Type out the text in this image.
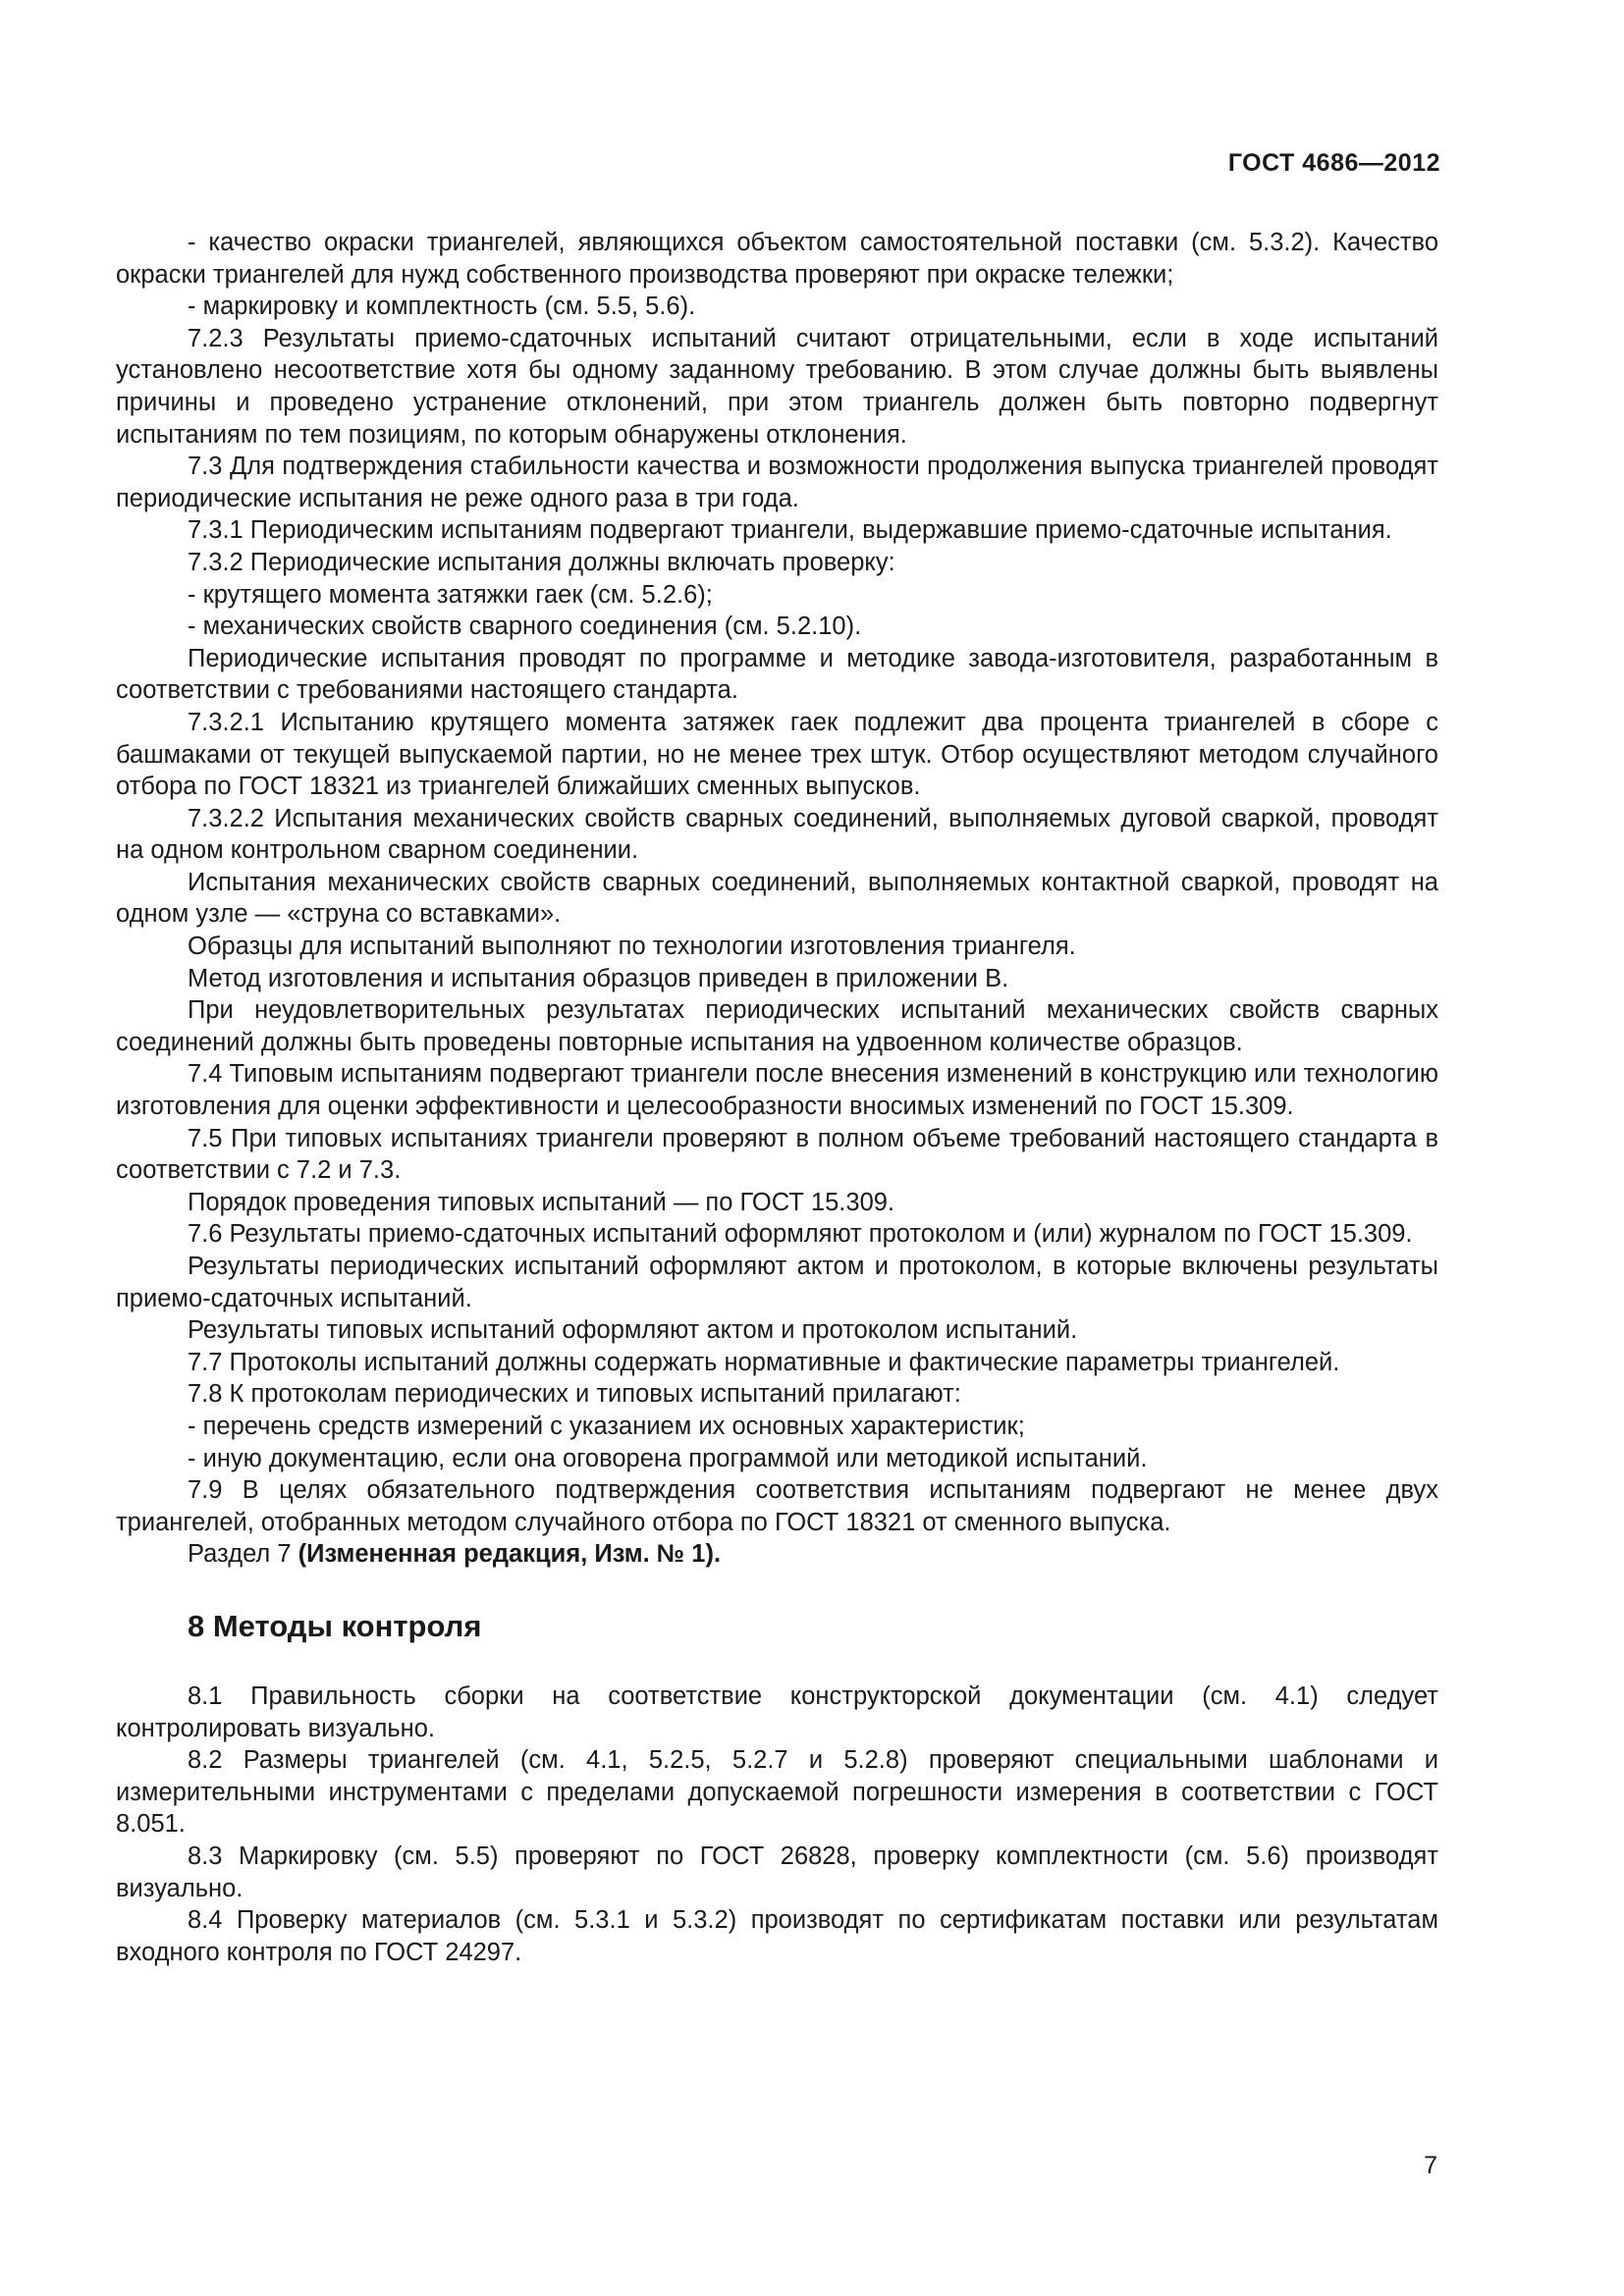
ГОСТ 4686—2012

- качество окраски триангелей, являющихся объектом самостоятельной поставки (см. 5.3.2). Качество окраски триангелей для нужд собственного производства проверяют при окраске тележки;

- маркировку и комплектность (см. 5.5, 5.6).

7.2.3 Результаты приемо-сдаточных испытаний считают отрицательными, если в ходе испытаний установлено несоответствие хотя бы одному заданному требованию. В этом случае должны быть выявлены причины и проведено устранение отклонений, при этом триангель должен быть повторно подвергнут испытаниям по тем позициям, по которым обнаружены отклонения.

7.3 Для подтверждения стабильности качества и возможности продолжения выпуска триангелей проводят периодические испытания не реже одного раза в три года.

7.3.1 Периодическим испытаниям подвергают триангели, выдержавшие приемо-сдаточные испытания.

7.3.2 Периодические испытания должны включать проверку:

- крутящего момента затяжки гаек (см. 5.2.6);

- механических свойств сварного соединения (см. 5.2.10).

Периодические испытания проводят по программе и методике завода-изготовителя, разработанным в соответствии с требованиями настоящего стандарта.

7.3.2.1 Испытанию крутящего момента затяжек гаек подлежит два процента триангелей в сборе с башмаками от текущей выпускаемой партии, но не менее трех штук. Отбор осуществляют методом случайного отбора по ГОСТ 18321 из триангелей ближайших сменных выпусков.

7.3.2.2 Испытания механических свойств сварных соединений, выполняемых дуговой сваркой, проводят на одном контрольном сварном соединении.

Испытания механических свойств сварных соединений, выполняемых контактной сваркой, проводят на одном узле — «струна со вставками».

Образцы для испытаний выполняют по технологии изготовления триангеля.

Метод изготовления и испытания образцов приведен в приложении В.

При неудовлетворительных результатах периодических испытаний механических свойств сварных соединений должны быть проведены повторные испытания на удвоенном количестве образцов.

7.4 Типовым испытаниям подвергают триангели после внесения изменений в конструкцию или технологию изготовления для оценки эффективности и целесообразности вносимых изменений по ГОСТ 15.309.

7.5 При типовых испытаниях триангели проверяют в полном объеме требований настоящего стандарта в соответствии с 7.2 и 7.3.

Порядок проведения типовых испытаний — по ГОСТ 15.309.

7.6 Результаты приемо-сдаточных испытаний оформляют протоколом и (или) журналом по ГОСТ 15.309.

Результаты периодических испытаний оформляют актом и протоколом, в которые включены результаты приемо-сдаточных испытаний.

Результаты типовых испытаний оформляют актом и протоколом испытаний.

7.7 Протоколы испытаний должны содержать нормативные и фактические параметры триангелей.

7.8 К протоколам периодических и типовых испытаний прилагают:

- перечень средств измерений с указанием их основных характеристик;

- иную документацию, если она оговорена программой или методикой испытаний.

7.9 В целях обязательного подтверждения соответствия испытаниям подвергают не менее двух триангелей, отобранных методом случайного отбора по ГОСТ 18321 от сменного выпуска.

Раздел 7 (Измененная редакция, Изм. № 1).

8 Методы контроля

8.1 Правильность сборки на соответствие конструкторской документации (см. 4.1) следует контролировать визуально.

8.2 Размеры триангелей (см. 4.1, 5.2.5, 5.2.7 и 5.2.8) проверяют специальными шаблонами и измерительными инструментами с пределами допускаемой погрешности измерения в соответствии с ГОСТ 8.051.

8.3 Маркировку (см. 5.5) проверяют по ГОСТ 26828, проверку комплектности (см. 5.6) производят визуально.

8.4 Проверку материалов (см. 5.3.1 и 5.3.2) производят по сертификатам поставки или результатам входного контроля по ГОСТ 24297.

7
